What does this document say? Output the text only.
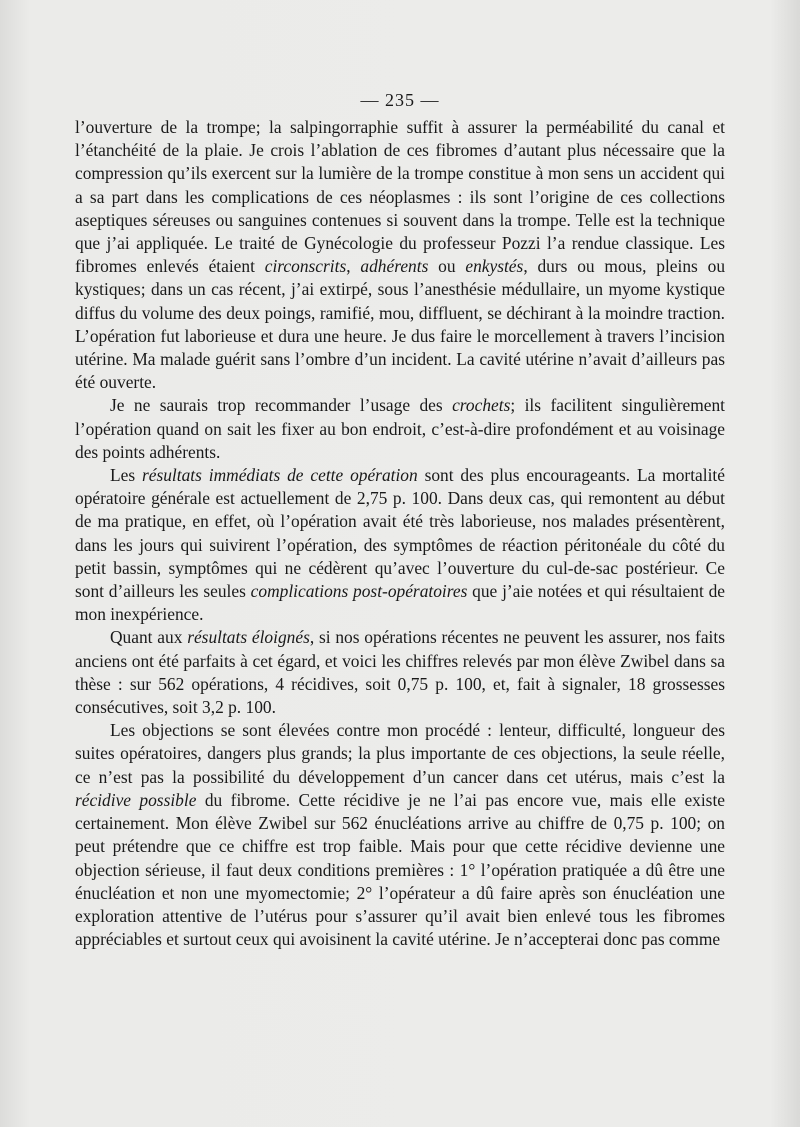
— 235 —

l’ouverture de la trompe; la salpingorraphie suffit à assurer la perméabilité du canal et l’étanchéité de la plaie. Je crois l’ablation de ces fibromes d’autant plus nécessaire que la compression qu’ils exercent sur la lumière de la trompe constitue à mon sens un accident qui a sa part dans les complications de ces néoplasmes : ils sont l’origine de ces collections aseptiques séreuses ou sanguines contenues si souvent dans la trompe. Telle est la technique que j’ai appliquée. Le traité de Gynécologie du professeur Pozzi l’a rendue classique. Les fibromes enlevés étaient circonscrits, adhérents ou enkystés, durs ou mous, pleins ou kystiques; dans un cas récent, j’ai extirpé, sous l’anesthésie médullaire, un myome kystique diffus du volume des deux poings, ramifié, mou, diffluent, se déchirant à la moindre traction. L’opération fut laborieuse et dura une heure. Je dus faire le morcellement à travers l’incision utérine. Ma malade guérit sans l’ombre d’un incident. La cavité utérine n’avait d’ailleurs pas été ouverte.

Je ne saurais trop recommander l’usage des crochets; ils facilitent singulièrement l’opération quand on sait les fixer au bon endroit, c’est-à-dire profondément et au voisinage des points adhérents.

Les résultats immédiats de cette opération sont des plus encourageants. La mortalité opératoire générale est actuellement de 2,75 p. 100. Dans deux cas, qui remontent au début de ma pratique, en effet, où l’opération avait été très laborieuse, nos malades présentèrent, dans les jours qui suivirent l’opération, des symptômes de réaction péritonéale du côté du petit bassin, symptômes qui ne cédèrent qu’avec l’ouverture du cul-de-sac postérieur. Ce sont d’ailleurs les seules complications post-opératoires que j’aie notées et qui résultaient de mon inexpérience.

Quant aux résultats éloignés, si nos opérations récentes ne peuvent les assurer, nos faits anciens ont été parfaits à cet égard, et voici les chiffres relevés par mon élève Zwibel dans sa thèse : sur 562 opérations, 4 récidives, soit 0,75 p. 100, et, fait à signaler, 18 grossesses consécutives, soit 3,2 p. 100.

Les objections se sont élevées contre mon procédé : lenteur, difficulté, longueur des suites opératoires, dangers plus grands; la plus importante de ces objections, la seule réelle, ce n’est pas la possibilité du développement d’un cancer dans cet utérus, mais c’est la récidive possible du fibrome. Cette récidive je ne l’ai pas encore vue, mais elle existe certainement. Mon élève Zwibel sur 562 énucléations arrive au chiffre de 0,75 p. 100; on peut prétendre que ce chiffre est trop faible. Mais pour que cette récidive devienne une objection sérieuse, il faut deux conditions premières : 1° l’opération pratiquée a dû être une énucléation et non une myomectomie; 2° l’opérateur a dû faire après son énucléation une exploration attentive de l’utérus pour s’assurer qu’il avait bien enlevé tous les fibromes appréciables et surtout ceux qui avoisinent la cavité utérine. Je n’accepterai donc pas comme
